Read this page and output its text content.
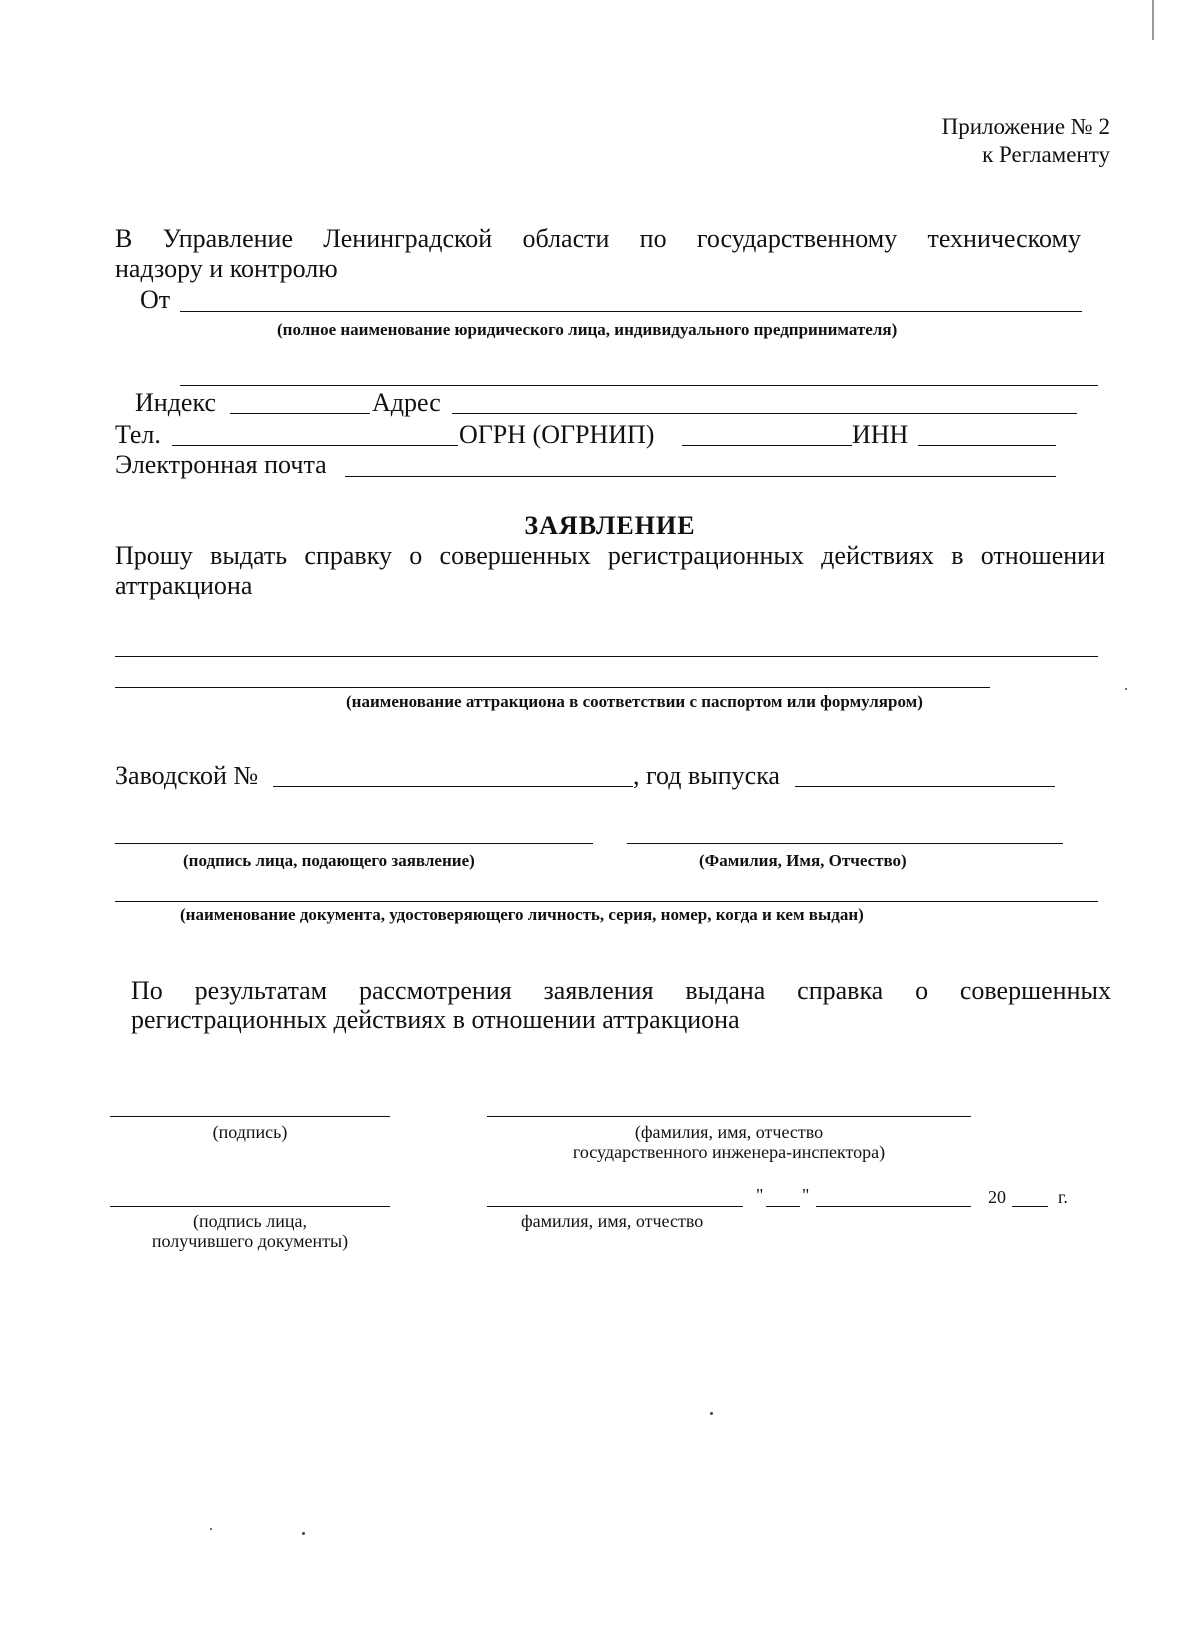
Приложение № 2
к Регламенту
В Управление Ленинградской области по государственному техническому
надзору и контролю
От
(полное наименование юридического лица, индивидуального предпринимателя)
Индекс	Адрес
Тел.	ОГРН (ОГРНИП)	ИНН
Электронная почта
ЗАЯВЛЕНИЕ
Прошу выдать справку о совершенных регистрационных действиях в отношении
аттракциона
(наименование аттракциона в соответствии с паспортом или формуляром)
Заводской №	, год выпуска
(подпись лица, подающего заявление)	(Фамилия, Имя, Отчество)
(наименование документа, удостоверяющего личность, серия, номер, когда и кем выдан)
По результатам рассмотрения заявления выдана справка о совершенных
регистрационных действиях в отношении аттракциона
(подпись)	(фамилия, имя, отчество
государственного инженера-инспектора)
" "	20	г.
(подпись лица,
получившего документы)
фамилия, имя, отчество
